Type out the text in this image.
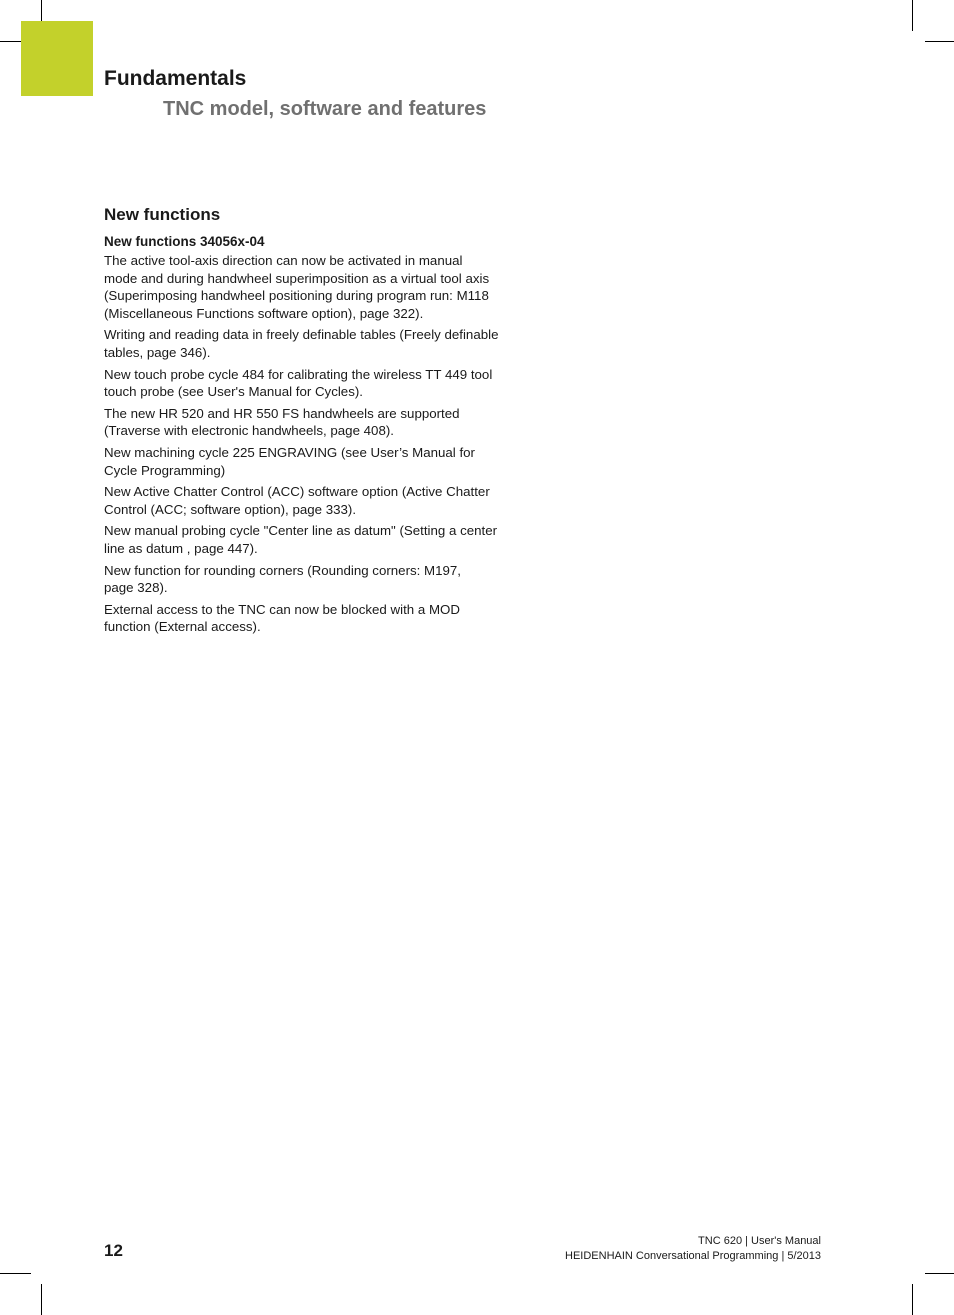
Fundamentals
TNC model, software and features
New functions
New functions 34056x-04

The active tool-axis direction can now be activated in manual
mode and during handwheel superimposition as a virtual tool axis
(Superimposing handwheel positioning during program run: M118
(Miscellaneous Functions software option), page 322).

Writing and reading data in freely definable tables (Freely definable
tables, page 346).

New touch probe cycle 484 for calibrating the wireless TT 449 tool
touch probe (see User's Manual for Cycles).

The new HR 520 and HR 550 FS handwheels are supported
(Traverse with electronic handwheels, page 408).

New machining cycle 225 ENGRAVING (see User’s Manual for
Cycle Programming)

New Active Chatter Control (ACC) software option (Active Chatter
Control (ACC; software option), page 333).

New manual probing cycle "Center line as datum" (Setting a center
line as datum , page 447).

New function for rounding corners (Rounding corners: M197,
page 328).

External access to the TNC can now be blocked with a MOD
function (External access).

12	TNC 620 | User's Manual
HEIDENHAIN Conversational Programming | 5/2013
